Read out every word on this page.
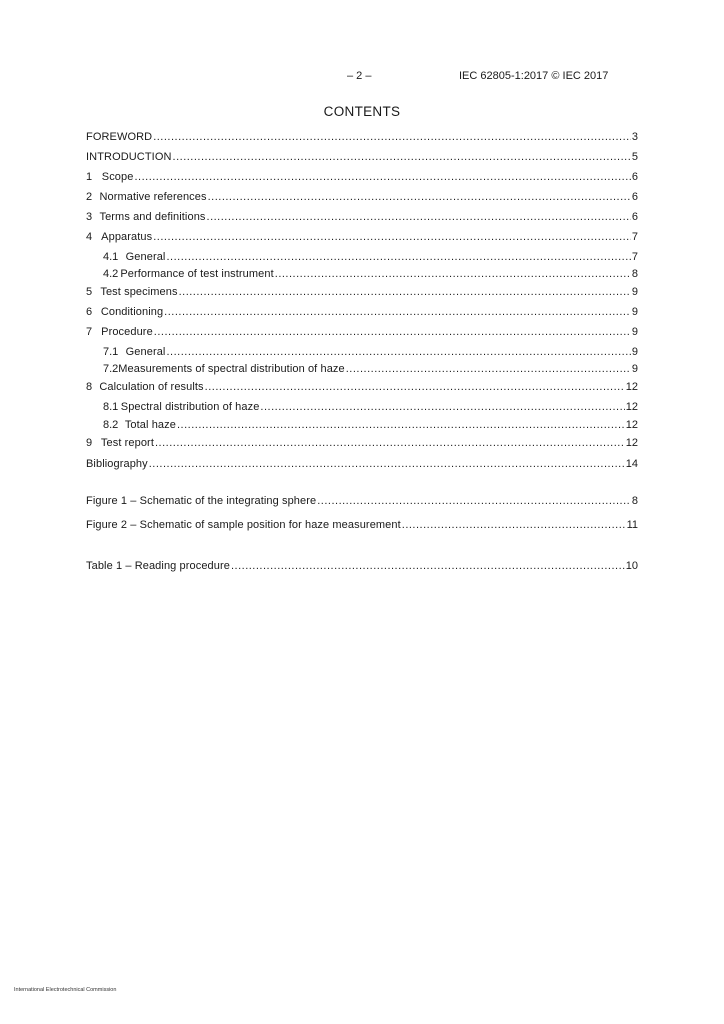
– 2 –	IEC 62805-1:2017 © IEC 2017
CONTENTS
FOREWORD .....	3
INTRODUCTION .....	5
1 Scope .....	6
2 Normative references .....	6
3 Terms and definitions .....	6
4 Apparatus .....	7
4.1 General .....	7
4.2 Performance of test instrument .....	8
5 Test specimens .....	9
6 Conditioning .....	9
7 Procedure .....	9
7.1 General .....	9
7.2 Measurements of spectral distribution of haze .....	9
8 Calculation of results .....	12
8.1 Spectral distribution of haze .....	12
8.2 Total haze .....	12
9 Test report .....	12
Bibliography .....	14
Figure 1 – Schematic of the integrating sphere .....	8
Figure 2 – Schematic of sample position for haze measurement .....	11
Table 1 – Reading procedure .....	10
International Electrotechnical Commission
